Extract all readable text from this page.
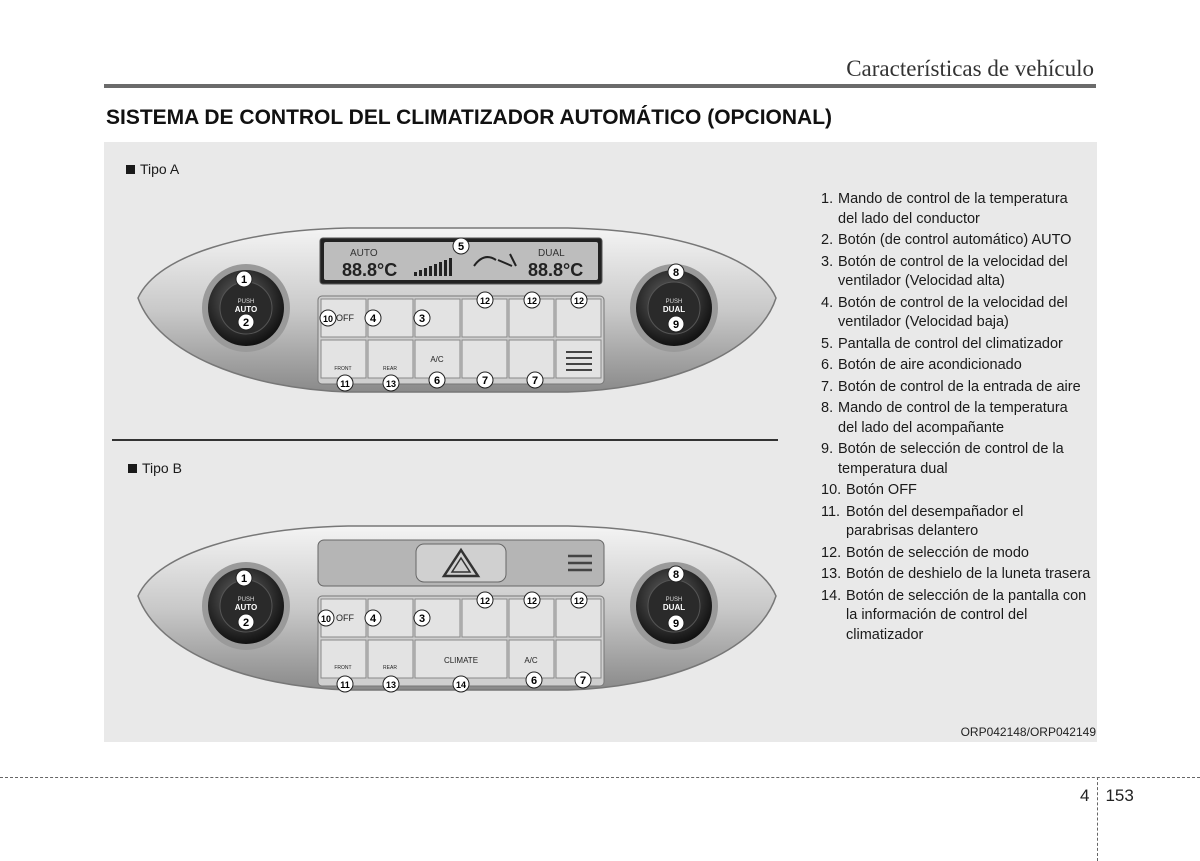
Características de vehículo
SISTEMA DE CONTROL DEL CLIMATIZADOR AUTOMÁTICO (OPCIONAL)
Tipo A
AUTO
88.8°C
DUAL
88.8°C
PUSH
AUTO
PUSH
DUAL
OFF
FRONT	REAR
A/C
1
2	3
4
5
6	7	7
8
9
10
11
12	12	12
13
Tipo B
PUSH
AUTO
PUSH
DUAL
OFF
FRONT	REAR
CLIMATE	A/C
1
2	3
4
6	7
8
9
10
11
12	12	12
13	14
1. Mando de control de la temperatura del lado del conductor
2. Botón (de control automático) AUTO
3. Botón de control de la velocidad del ventilador (Velocidad alta)
4. Botón de control de la velocidad del ventilador (Velocidad baja)
5. Pantalla de control del climatizador
6. Botón de aire acondicionado
7. Botón de control de la entrada de aire
8. Mando de control de la temperatura del lado del acompañante
9. Botón de selección de control de la temperatura dual
10. Botón OFF
11. Botón del desempañador el parabrisas delantero
12. Botón de selección de modo
13. Botón de deshielo de la luneta trasera
14. Botón de selección de la pantalla con la información de control del climatizador
ORP042148/ORP042149
4 153
